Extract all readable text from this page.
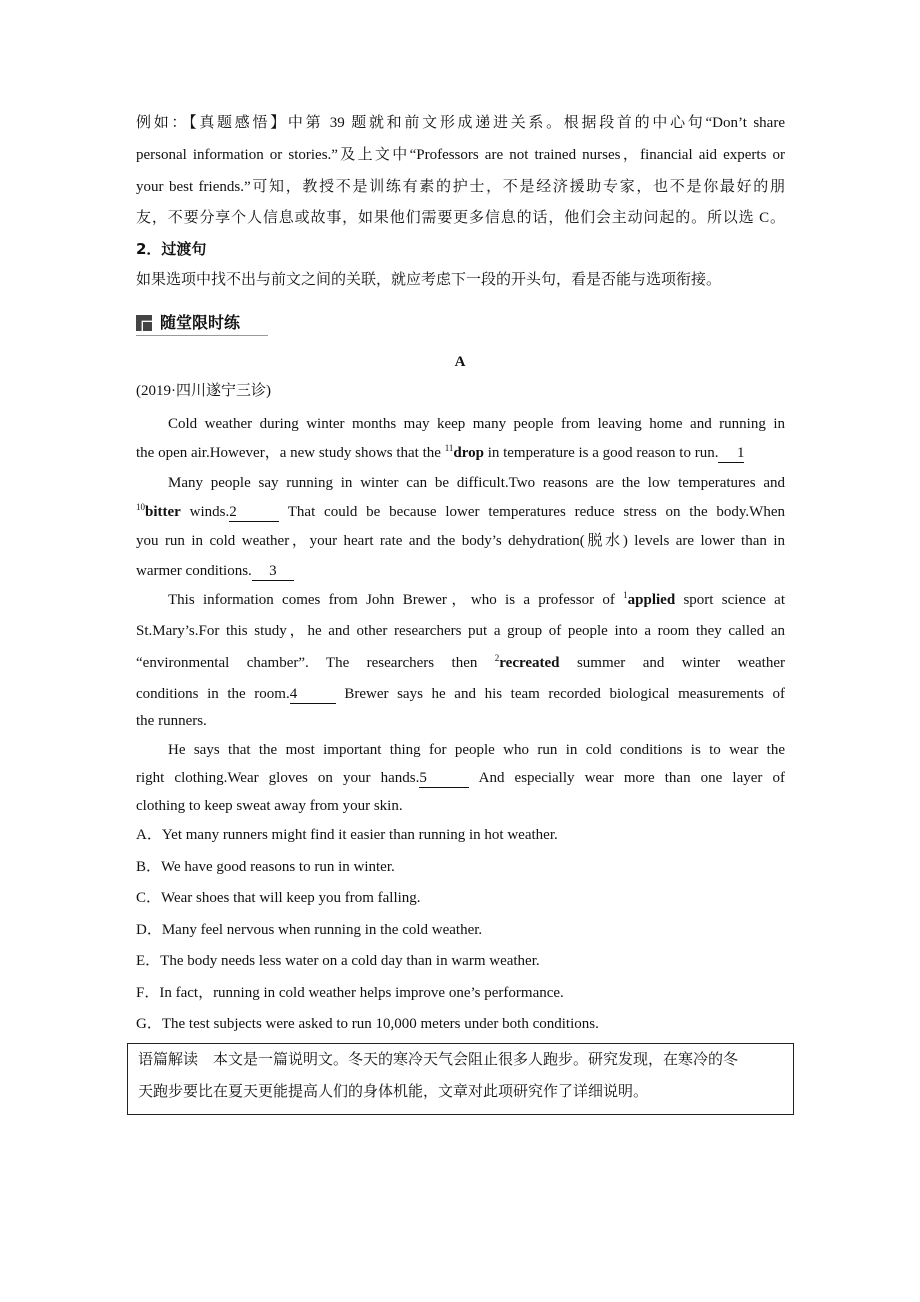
例如：【真题感悟】中第 39 题就和前文形成递进关系。根据段首的中心句“Don’t share
personal information or stories.”及上文中“Professors are not trained nurses，financial aid experts or
your best friends.”可知，教授不是训练有素的护士，不是经济援助专家，也不是你最好的朋
友，不要分享个人信息或故事，如果他们需要更多信息的话，他们会主动问起的。所以选 C。
2．过渡句
如果选项中找不出与前文之间的关联，就应考虑下一段的开头句，看是否能与选项衔接。
随堂限时练
A
(2019·四川遂宁三诊)
Cold weather during winter months may keep many people from leaving home and running in
the open air.However，a new study shows that the $^{11}$drop in temperature is a good reason to run. 1
Many people say running in winter can be difficult.Two reasons are the low temperatures and
$^{10}$bitter winds.2	That could be because lower temperatures reduce stress on the body.When
you run in cold weather，your heart rate and the body’s dehydration(脱水) levels are lower than in
warmer conditions. 3
This information comes from John Brewer，who is a professor of $^1$applied sport science at
St.Mary’s.For this study，he and other researchers put a group of people into a room they called an
“environmental chamber”. The researchers then $^2$recreated summer and winter weather
conditions in the room.4	Brewer says he and his team recorded biological measurements of
the runners.
He says that the most important thing for people who run in cold conditions is to wear the
right clothing.Wear gloves on your hands.5	And especially wear more than one layer of
clothing to keep sweat away from your skin.
A．Yet many runners might find it easier than running in hot weather.
B．We have good reasons to run in winter.
C．Wear shoes that will keep you from falling.
D．Many feel nervous when running in the cold weather.
E．The body needs less water on a cold day than in warm weather.
F．In fact，running in cold weather helps improve one’s performance.
G．The test subjects were asked to run 10,000 meters under both conditions.
语篇解读　 本文是一篇说明文。冬天的寒冷天气会阻止很多人跑步。研究发现，在寒冷的冬
天跑步要比在夏天更能提高人们的身体机能，文章对此项研究作了详细说明。
